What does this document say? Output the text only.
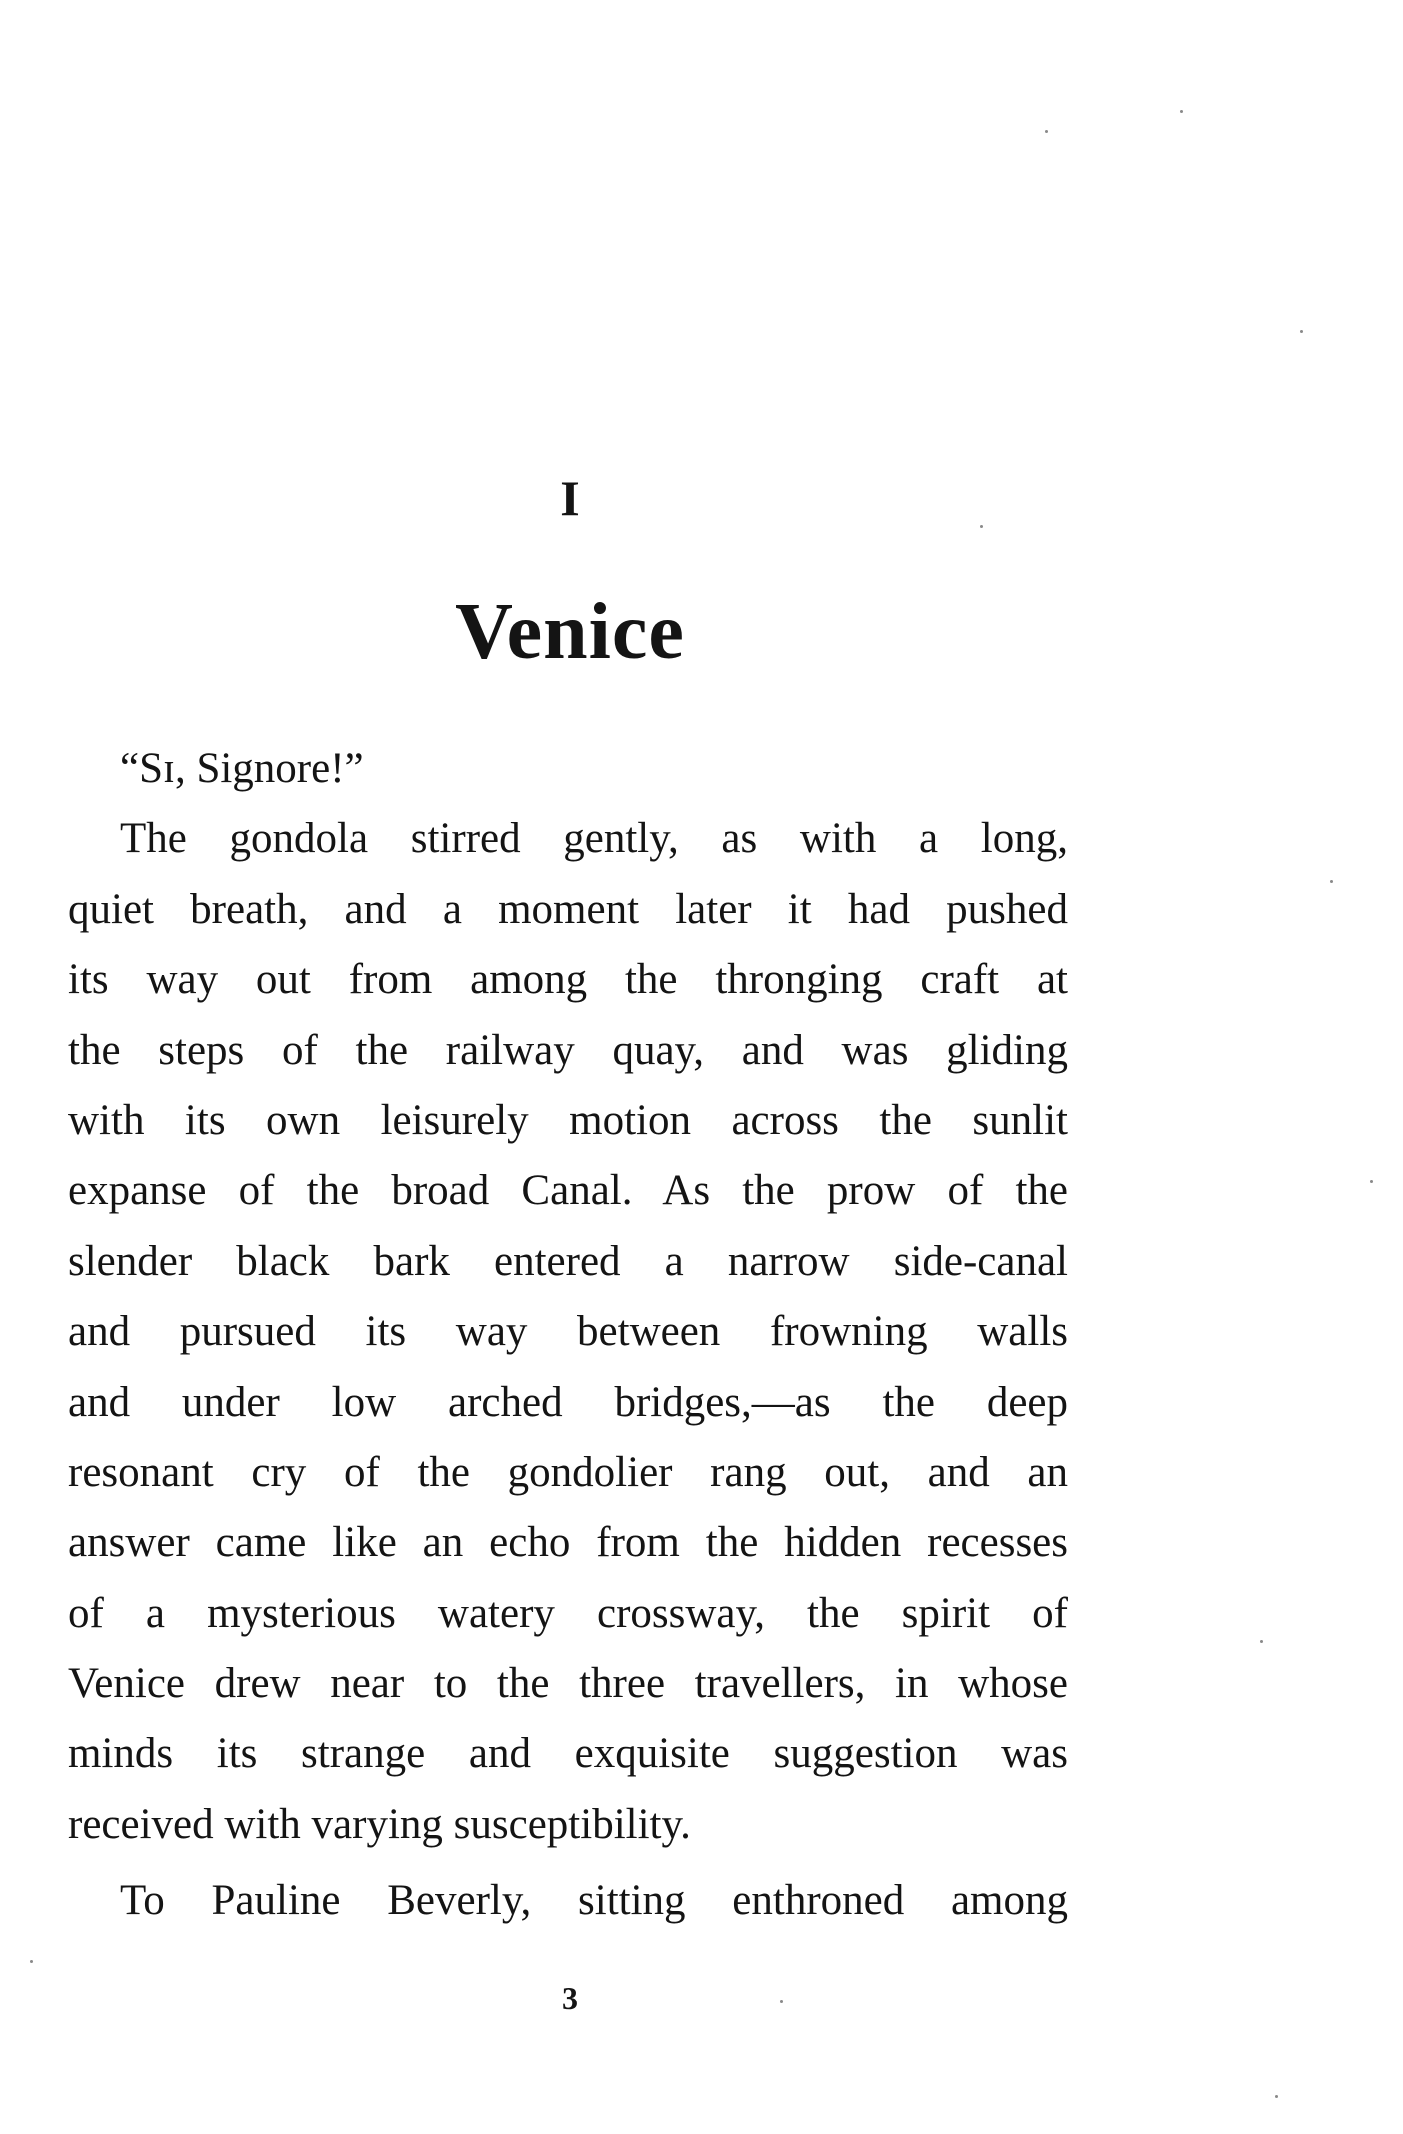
I
Venice
“Sɪ, Signore!”
The gondola stirred gently, as with a long,
quiet breath, and a moment later it had pushed
its way out from among the thronging craft at
the steps of the railway quay, and was gliding
with its own leisurely motion across the sunlit
expanse of the broad Canal. As the prow of the
slender black bark entered a narrow side-canal
and pursued its way between frowning walls
and under low arched bridges,—as the deep
resonant cry of the gondolier rang out, and an
answer came like an echo from the hidden recesses
of a mysterious watery crossway, the spirit of
Venice drew near to the three travellers, in whose
minds its strange and exquisite suggestion was
received with varying susceptibility.
To Pauline Beverly, sitting enthroned among
3
